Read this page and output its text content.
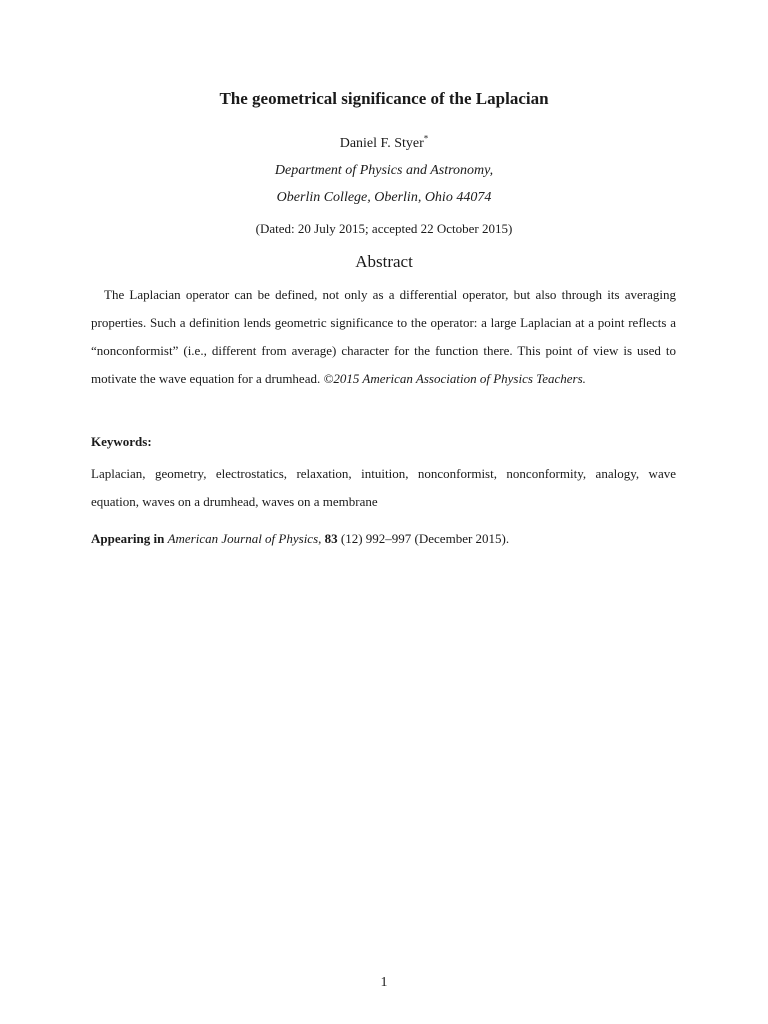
The geometrical significance of the Laplacian
Daniel F. Styer*
Department of Physics and Astronomy,
Oberlin College, Oberlin, Ohio 44074
(Dated: 20 July 2015; accepted 22 October 2015)
Abstract
The Laplacian operator can be defined, not only as a differential operator, but also through its averaging properties. Such a definition lends geometric significance to the operator: a large Laplacian at a point reflects a “nonconformist” (i.e., different from average) character for the function there. This point of view is used to motivate the wave equation for a drumhead. ©2015 American Association of Physics Teachers.
Keywords:
Laplacian, geometry, electrostatics, relaxation, intuition, nonconformist, nonconformity, analogy, wave equation, waves on a drumhead, waves on a membrane
Appearing in American Journal of Physics, 83 (12) 992–997 (December 2015).
1
